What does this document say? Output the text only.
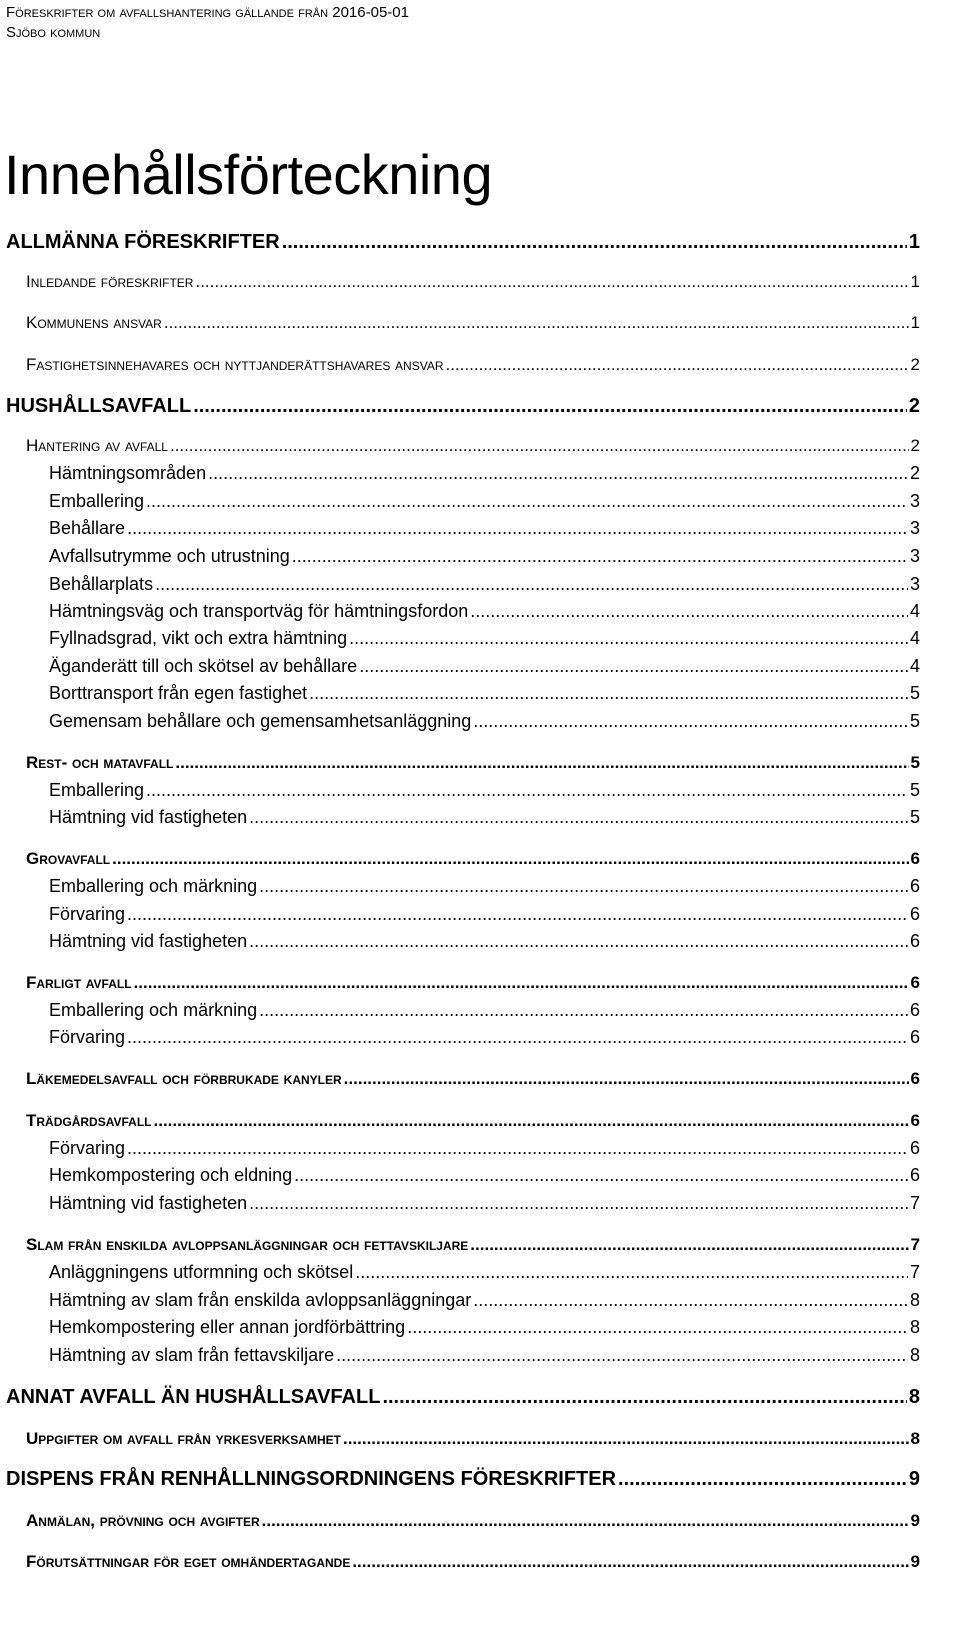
Föreskrifter om avfallshantering gällande från 2016-05-01
Sjöbo kommun
Innehållsförteckning
ALLMÄNNA FÖRESKRIFTER .....	1
Inledande föreskrifter .....	1
Kommunens ansvar .....	1
Fastighetsinnehavares och nyttjanderättshavares ansvar .....	2
HUSHÅLLSAVFALL .....	2
Hantering av avfall .....	2
Hämtningsområden .....	2
Emballering .....	3
Behållare .....	3
Avfallsutrymme och utrustning .....	3
Behållarplats .....	3
Hämtningsväg och transportväg för hämtningsfordon .....	4
Fyllnadsgrad, vikt och extra hämtning .....	4
Äganderätt till och skötsel av behållare .....	4
Borttransport från egen fastighet .....	5
Gemensam behållare och gemensamhetsanläggning .....	5
Rest- och matavfall .....	5
Emballering .....	5
Hämtning vid fastigheten .....	5
Grovavfall .....	6
Emballering och märkning .....	6
Förvaring .....	6
Hämtning vid fastigheten .....	6
Farligt avfall .....	6
Emballering och märkning .....	6
Förvaring .....	6
Läkemedelsavfall och förbrukade kanyler .....	6
Trädgårdsavfall .....	6
Förvaring .....	6
Hemkompostering och eldning .....	6
Hämtning vid fastigheten .....	7
Slam från enskilda avloppsanläggningar och fettavskiljare .....	7
Anläggningens utformning och skötsel .....	7
Hämtning av slam från enskilda avloppsanläggningar .....	8
Hemkompostering eller annan jordförbättring .....	8
Hämtning av slam från fettavskiljare .....	8
ANNAT AVFALL ÄN HUSHÅLLSAVFALL .....	8
Uppgifter om avfall från yrkesverksamhet .....	8
DISPENS FRÅN RENHÅLLNINGSORDNINGENS FÖRESKRIFTER .....	9
Anmälan, prövning och avgifter .....	9
Förutsättningar för eget omhändertagande .....	9
